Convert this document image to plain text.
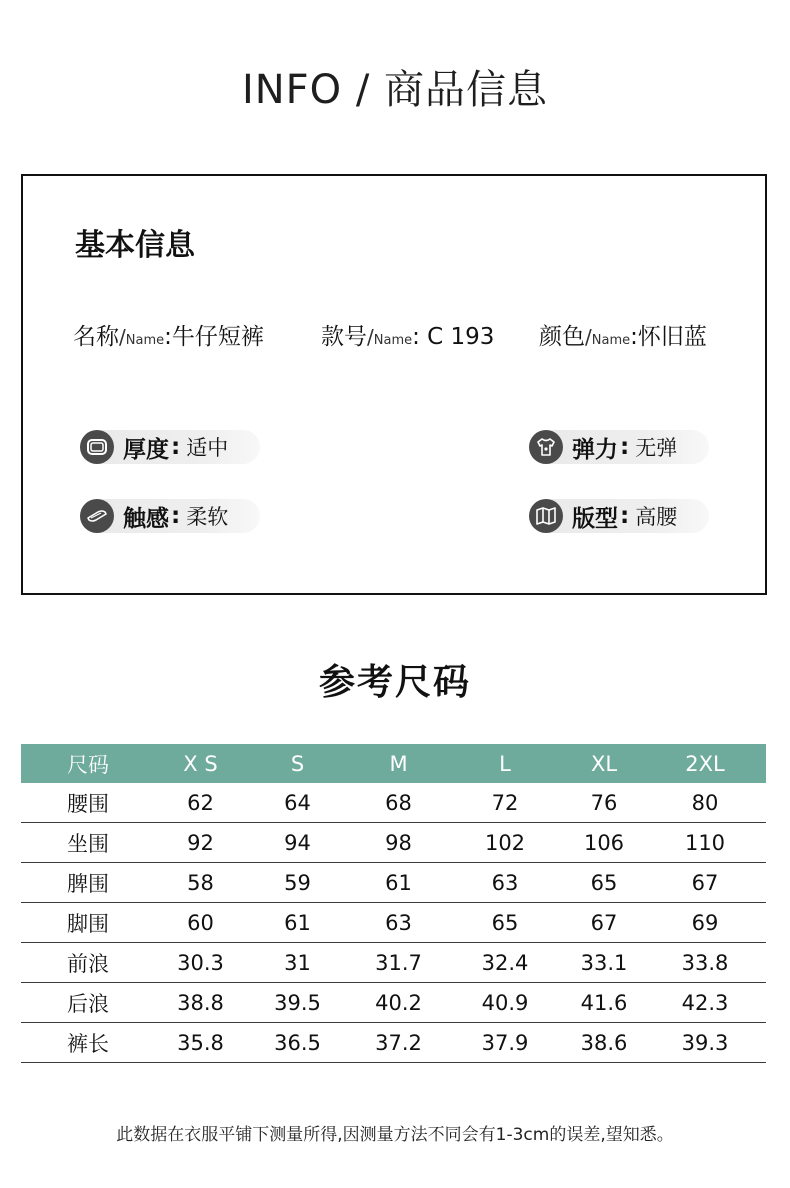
INFO / 商品信息
基本信息
名称/Name:牛仔短裤 款号/Name: C 193 颜色/Name:怀旧蓝
厚度 : 适中	弹力 : 无弹
触感 : 柔软	版型 : 高腰
参考尺码
尺码	X S	S	M	L	XL	2XL
腰围	62	64	68	72	76	80
坐围	92	94	98	102	106	110
脾围	58	59	61	63	65	67
脚围	60	61	63	65	67	69
前浪	30.3	31	31.7	32.4	33.1	33.8
后浪	38.8	39.5	40.2	40.9	41.6	42.3
裤长	35.8	36.5	37.2	37.9	38.6	39.3
此数据在衣服平铺下测量所得,因测量方法不同会有1-3cm的误差,望知悉。
